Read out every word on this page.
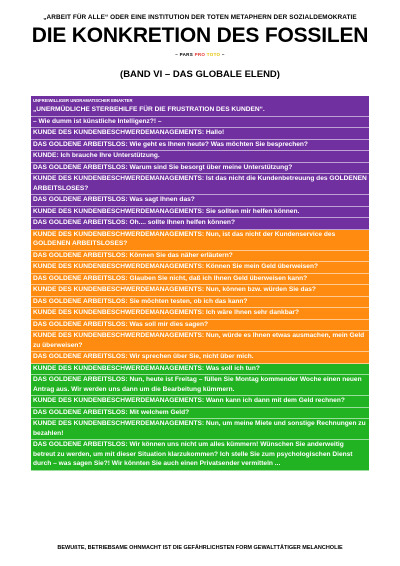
„ARBEIT FÜR ALLE“ ODER EINE INSTITUTION DER TOTEN METAPHERN DER SOZIALDEMOKRATIE
DIE KONKRETION DES FOSSILEN
– PARS PRO TOTO –
(BAND VI – DAS GLOBALE ELEND)
UNFREIWILLIGER UNDRAMATISCHER EINAKTER
„UNERMÜDLICHE STERBEHILFE FÜR DIE FRUSTRATION DES KUNDEN“.
– Wie dumm ist künstliche Intelligenz?! –
KUNDE DES KUNDENBESCHWERDEMANAGEMENTS: Hallo!
DAS GOLDENE ARBEITSLOS: Wie geht es Ihnen heute? Was möchten Sie besprechen?
KUNDE: Ich brauche Ihre Unterstützung.
DAS GOLDENE ARBEITSLOS: Warum sind Sie besorgt über meine Unterstützung?
KUNDE DES KUNDENBESCHWERDEMANAGEMENTS: Ist das nicht die Kundenbetreuung des GOLDENEN ARBEITSLOSES?
DAS GOLDENE ARBEITSLOS: Was sagt Ihnen das?
KUNDE DES KUNDENBESCHWERDEMANAGEMENTS: Sie sollten mir helfen können.
DAS GOLDENE ARBEITSLOS: Oh.... sollte Ihnen helfen können?
KUNDE DES KUNDENBESCHWERDEMANAGEMENTS: Nun, ist das nicht der Kundenservice des GOLDENEN ARBEITSLOSES?
DAS GOLDENE ARBEITSLOS: Können Sie das näher erläutern?
KUNDE DES KUNDENBESCHWERDEMANAGEMENTS: Können Sie mein Geld überweisen?
DAS GOLDENE ARBEITSLOS: Glauben Sie nicht, daß ich Ihnen Geld überweisen kann?
KUNDE DES KUNDENBESCHWERDEMANAGEMENTS: Nun, können bzw. würden Sie das?
DAS GOLDENE ARBEITSLOS: Sie möchten testen, ob ich das kann?
KUNDE DES KUNDENBESCHWERDEMANAGEMENTS: Ich wäre Ihnen sehr dankbar?
DAS GOLDENE ARBEITSLOS: Was soll mir dies sagen?
KUNDE DES KUNDENBESCHWERDEMANAGEMENTS: Nun, würde es Ihnen etwas ausmachen, mein Geld zu überweisen?
DAS GOLDENE ARBEITSLOS: Wir sprechen über Sie, nicht über mich.
KUNDE DES KUNDENBESCHWERDEMANAGEMENTS: Was soll ich tun?
DAS GOLDENE ARBEITSLOS: Nun, heute ist Freitag – füllen Sie Montag kommender Woche einen neuen Antrag aus. Wir werden uns dann um die Bearbeitung kümmern.
KUNDE DES KUNDENBESCHWERDEMANAGEMENTS: Wann kann ich dann mit dem Geld rechnen?
DAS GOLDENE ARBEITSLOS: Mit welchem Geld?
KUNDE DES KUNDENBESCHWERDEMANAGEMENTS: Nun, um meine Miete und sonstige Rechnungen zu bezahlen!
DAS GOLDENE ARBEITSLOS: Wir können uns nicht um alles kümmern! Wünschen Sie anderweitig betreut zu werden, um mit dieser Situation klarzukommen? Ich stelle Sie zum psychologischen Dienst durch – was sagen Sie?! Wir könnten Sie auch einen Privatsender vermitteln ...
BEWUßTE, BETRIEBSAME OHNMACHT IST DIE GEFÄHRLICHSTEN FORM GEWALTTÄTIGER MELANCHOLIE
